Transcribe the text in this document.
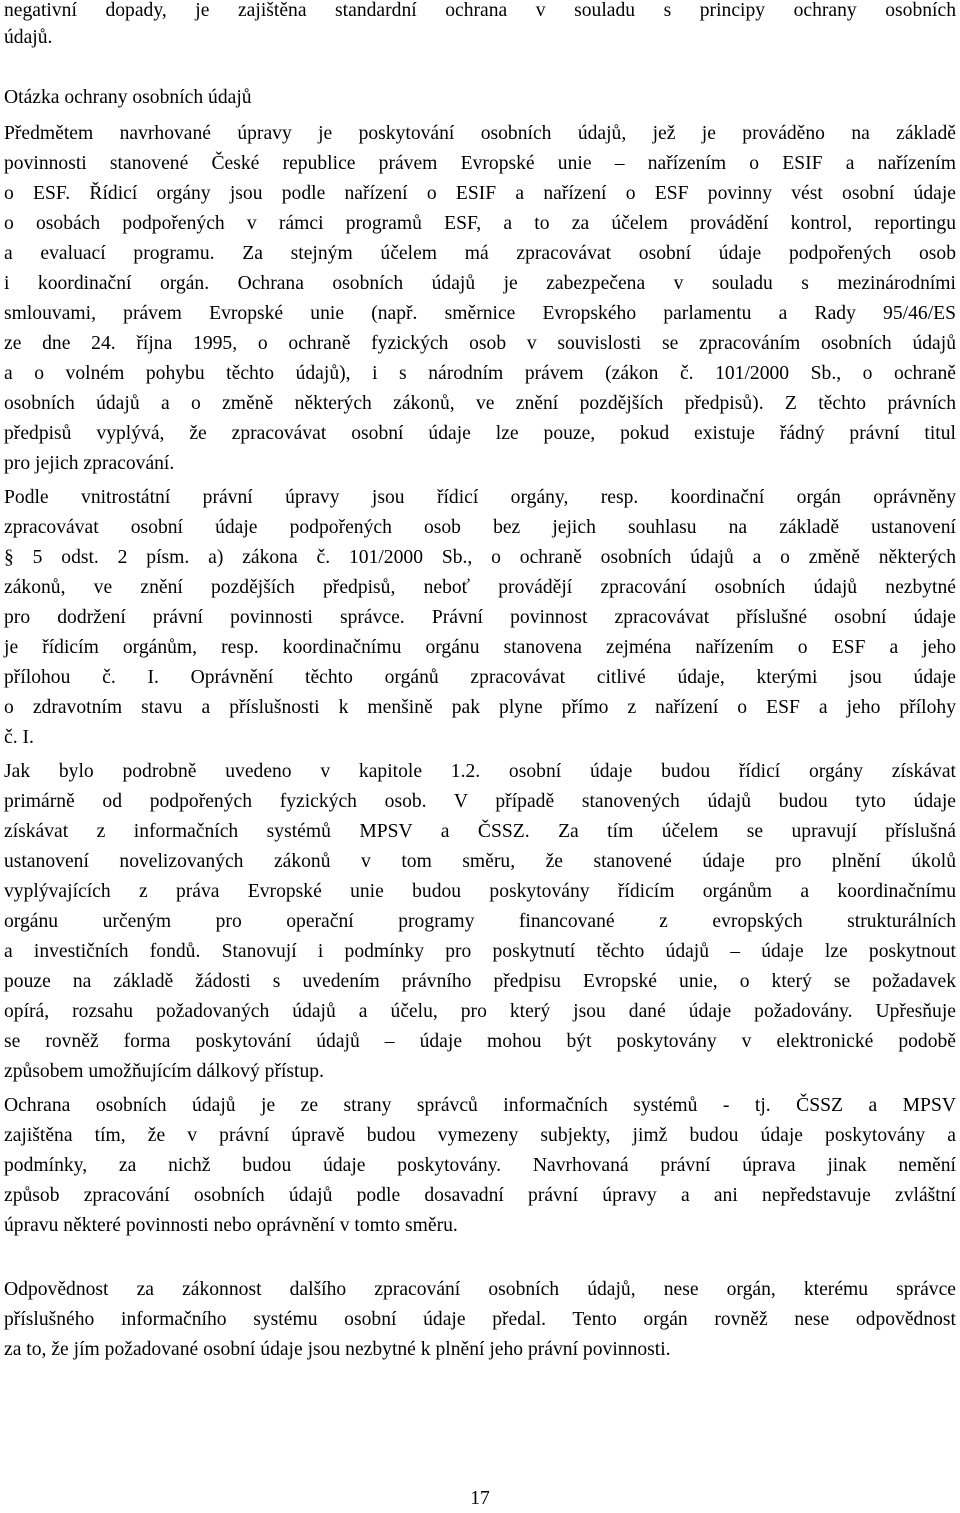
negativní dopady, je zajištěna standardní ochrana v souladu s principy ochrany osobních
údajů.
Otázka ochrany osobních údajů
Předmětem navrhované úpravy je poskytování osobních údajů, jež je prováděno na základě
povinnosti stanovené České republice právem Evropské unie – nařízením o ESIF a nařízením
o ESF. Řídicí orgány jsou podle nařízení o ESIF a nařízení o ESF povinny vést osobní údaje
o osobách podpořených v rámci programů ESF, a to za účelem provádění kontrol, reportingu
a evaluací programu. Za stejným účelem má zpracovávat osobní údaje podpořených osob
i koordinační orgán. Ochrana osobních údajů je zabezpečena v souladu s mezinárodními
smlouvami, právem Evropské unie (např. směrnice Evropského parlamentu a Rady 95/46/ES
ze dne 24. října 1995, o ochraně fyzických osob v souvislosti se zpracováním osobních údajů
a o volném pohybu těchto údajů), i s národním právem (zákon č. 101/2000 Sb., o ochraně
osobních údajů a o změně některých zákonů, ve znění pozdějších předpisů). Z těchto právních
předpisů vyplývá, že zpracovávat osobní údaje lze pouze, pokud existuje řádný právní titul
pro jejich zpracování.
Podle vnitrostátní právní úpravy jsou řídicí orgány, resp. koordinační orgán oprávněny
zpracovávat osobní údaje podpořených osob bez jejich souhlasu na základě ustanovení
§ 5 odst. 2 písm. a) zákona č. 101/2000 Sb., o ochraně osobních údajů a o změně některých
zákonů, ve znění pozdějších předpisů, neboť provádějí zpracování osobních údajů nezbytné
pro dodržení právní povinnosti správce. Právní povinnost zpracovávat příslušné osobní údaje
je řídicím orgánům, resp. koordinačnímu orgánu stanovena zejména nařízením o ESF a jeho
přílohou č. I. Oprávnění těchto orgánů zpracovávat citlivé údaje, kterými jsou údaje
o zdravotním stavu a příslušnosti k menšině pak plyne přímo z nařízení o ESF a jeho přílohy
č. I.
Jak bylo podrobně uvedeno v kapitole 1.2. osobní údaje budou řídicí orgány získávat
primárně od podpořených fyzických osob. V případě stanovených údajů budou tyto údaje
získávat z informačních systémů MPSV a ČSSZ. Za tím účelem se upravují příslušná
ustanovení novelizovaných zákonů v tom směru, že stanovené údaje pro plnění úkolů
vyplývajících z práva Evropské unie budou poskytovány řídicím orgánům a koordinačnímu
orgánu určeným pro operační programy financované z evropských strukturálních
a investičních fondů. Stanovují i podmínky pro poskytnutí těchto údajů – údaje lze poskytnout
pouze na základě žádosti s uvedením právního předpisu Evropské unie, o který se požadavek
opírá, rozsahu požadovaných údajů a účelu, pro který jsou dané údaje požadovány. Upřesňuje
se rovněž forma poskytování údajů – údaje mohou být poskytovány v elektronické podobě
způsobem umožňujícím dálkový přístup.
Ochrana osobních údajů je ze strany správců informačních systémů - tj. ČSSZ a MPSV
zajištěna tím, že v právní úpravě budou vymezeny subjekty, jimž budou údaje poskytovány a
podmínky, za nichž budou údaje poskytovány. Navrhovaná právní úprava jinak nemění
způsob zpracování osobních údajů podle dosavadní právní úpravy a ani nepředstavuje zvláštní
úpravu některé povinnosti nebo oprávnění v tomto směru.
Odpovědnost za zákonnost dalšího zpracování osobních údajů, nese orgán, kterému správce
příslušného informačního systému osobní údaje předal. Tento orgán rovněž nese odpovědnost
za to, že jím požadované osobní údaje jsou nezbytné k plnění jeho právní povinnosti.
17
